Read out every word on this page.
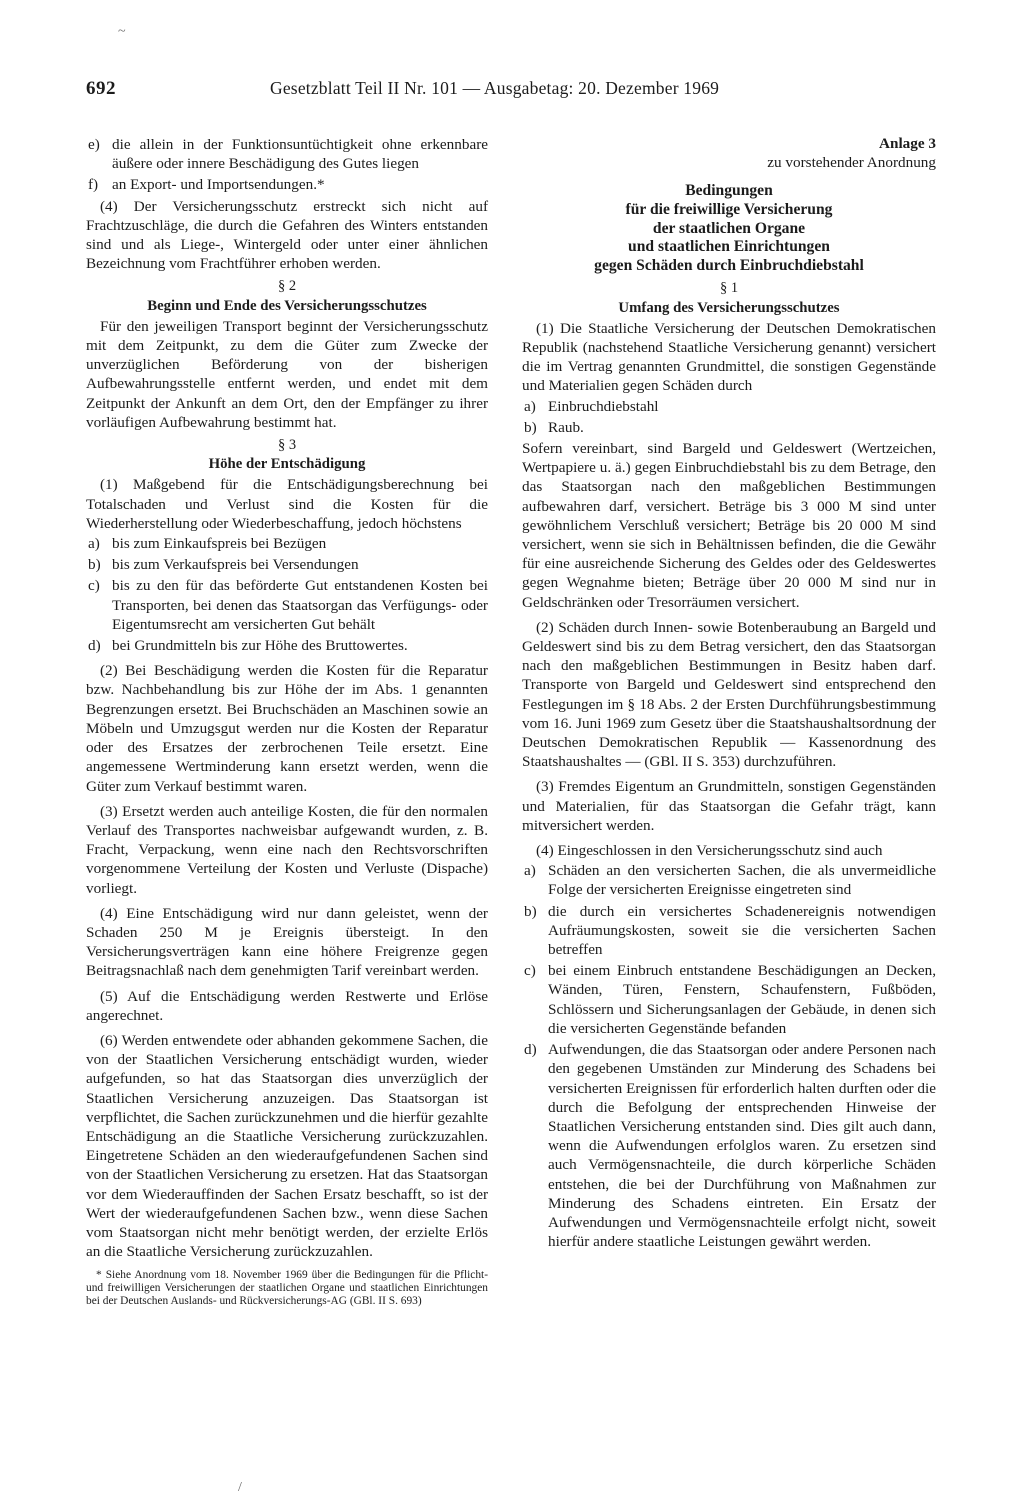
~
/
692	Gesetzblatt Teil II Nr. 101 — Ausgabetag: 20. Dezember 1969

e) die allein in der Funktionsuntüchtigkeit ohne erkennbare äußere oder innere Beschädigung des Gutes liegen

f) an Export- und Importsendungen.*

(4) Der Versicherungsschutz erstreckt sich nicht auf Frachtzuschläge, die durch die Gefahren des Winters entstanden sind und als Liege-, Wintergeld oder unter einer ähnlichen Bezeichnung vom Frachtführer erhoben werden.

§ 2

Beginn und Ende des Versicherungsschutzes

Für den jeweiligen Transport beginnt der Versicherungsschutz mit dem Zeitpunkt, zu dem die Güter zum Zwecke der unverzüglichen Beförderung von der bisherigen Aufbewahrungsstelle entfernt werden, und endet mit dem Zeitpunkt der Ankunft an dem Ort, den der Empfänger zu ihrer vorläufigen Aufbewahrung bestimmt hat.

§ 3

Höhe der Entschädigung

(1) Maßgebend für die Entschädigungsberechnung bei Totalschaden und Verlust sind die Kosten für die Wiederherstellung oder Wiederbeschaffung, jedoch höchstens

a) bis zum Einkaufspreis bei Bezügen

b) bis zum Verkaufspreis bei Versendungen

c) bis zu den für das beförderte Gut entstandenen Kosten bei Transporten, bei denen das Staatsorgan das Verfügungs- oder Eigentumsrecht am versicherten Gut behält

d) bei Grundmitteln bis zur Höhe des Bruttowertes.

(2) Bei Beschädigung werden die Kosten für die Reparatur bzw. Nachbehandlung bis zur Höhe der im Abs. 1 genannten Begrenzungen ersetzt. Bei Bruchschäden an Maschinen sowie an Möbeln und Umzugsgut werden nur die Kosten der Reparatur oder des Ersatzes der zerbrochenen Teile ersetzt. Eine angemessene Wertminderung kann ersetzt werden, wenn die Güter zum Verkauf bestimmt waren.

(3) Ersetzt werden auch anteilige Kosten, die für den normalen Verlauf des Transportes nachweisbar aufgewandt wurden, z. B. Fracht, Verpackung, wenn eine nach den Rechtsvorschriften vorgenommene Verteilung der Kosten und Verluste (Dispache) vorliegt.

(4) Eine Entschädigung wird nur dann geleistet, wenn der Schaden 250 M je Ereignis übersteigt. In den Versicherungsverträgen kann eine höhere Freigrenze gegen Beitragsnachlaß nach dem genehmigten Tarif vereinbart werden.

(5) Auf die Entschädigung werden Restwerte und Erlöse angerechnet.

(6) Werden entwendete oder abhanden gekommene Sachen, die von der Staatlichen Versicherung entschädigt wurden, wieder aufgefunden, so hat das Staatsorgan dies unverzüglich der Staatlichen Versicherung anzuzeigen. Das Staatsorgan ist verpflichtet, die Sachen zurückzunehmen und die hierfür gezahlte Entschädigung an die Staatliche Versicherung zurückzuzahlen. Eingetretene Schäden an den wiederaufgefundenen Sachen sind von der Staatlichen Versicherung zu ersetzen. Hat das Staatsorgan vor dem Wiederauffinden der Sachen Ersatz beschafft, so ist der Wert der wiederaufgefundenen Sachen bzw., wenn diese Sachen vom Staatsorgan nicht mehr benötigt werden, der erzielte Erlös an die Staatliche Versicherung zurückzuzahlen.

* Siehe Anordnung vom 18. November 1969 über die Bedingungen für die Pflicht- und freiwilligen Versicherungen der staatlichen Organe und staatlichen Einrichtungen bei der Deutschen Auslands- und Rückversicherungs-AG (GBl. II S. 693)

Anlage 3

zu vorstehender Anordnung

Bedingungen
für die freiwillige Versicherung
der staatlichen Organe
und staatlichen Einrichtungen
gegen Schäden durch Einbruchdiebstahl

§ 1

Umfang des Versicherungsschutzes

(1) Die Staatliche Versicherung der Deutschen Demokratischen Republik (nachstehend Staatliche Versicherung genannt) versichert die im Vertrag genannten Grundmittel, die sonstigen Gegenstände und Materialien gegen Schäden durch

a) Einbruchdiebstahl

b) Raub.

Sofern vereinbart, sind Bargeld und Geldeswert (Wertzeichen, Wertpapiere u. ä.) gegen Einbruchdiebstahl bis zu dem Betrage, den das Staatsorgan nach den maßgeblichen Bestimmungen aufbewahren darf, versichert. Beträge bis 3 000 M sind unter gewöhnlichem Verschluß versichert; Beträge bis 20 000 M sind versichert, wenn sie sich in Behältnissen befinden, die die Gewähr für eine ausreichende Sicherung des Geldes oder des Geldeswertes gegen Wegnahme bieten; Beträge über 20 000 M sind nur in Geldschränken oder Tresorräumen versichert.

(2) Schäden durch Innen- sowie Botenberaubung an Bargeld und Geldeswert sind bis zu dem Betrag versichert, den das Staatsorgan nach den maßgeblichen Bestimmungen in Besitz haben darf. Transporte von Bargeld und Geldeswert sind entsprechend den Festlegungen im § 18 Abs. 2 der Ersten Durchführungsbestimmung vom 16. Juni 1969 zum Gesetz über die Staatshaushaltsordnung der Deutschen Demokratischen Republik — Kassenordnung des Staatshaushaltes — (GBl. II S. 353) durchzuführen.

(3) Fremdes Eigentum an Grundmitteln, sonstigen Gegenständen und Materialien, für das Staatsorgan die Gefahr trägt, kann mitversichert werden.

(4) Eingeschlossen in den Versicherungsschutz sind auch

a) Schäden an den versicherten Sachen, die als unvermeidliche Folge der versicherten Ereignisse eingetreten sind

b) die durch ein versichertes Schadenereignis notwendigen Aufräumungskosten, soweit sie die versicherten Sachen betreffen

c) bei einem Einbruch entstandene Beschädigungen an Decken, Wänden, Türen, Fenstern, Schaufenstern, Fußböden, Schlössern und Sicherungsanlagen der Gebäude, in denen sich die versicherten Gegenstände befanden

d) Aufwendungen, die das Staatsorgan oder andere Personen nach den gegebenen Umständen zur Minderung des Schadens bei versicherten Ereignissen für erforderlich halten durften oder die durch die Befolgung der entsprechenden Hinweise der Staatlichen Versicherung entstanden sind. Dies gilt auch dann, wenn die Aufwendungen erfolglos waren. Zu ersetzen sind auch Vermögensnachteile, die durch körperliche Schäden entstehen, die bei der Durchführung von Maßnahmen zur Minderung des Schadens eintreten. Ein Ersatz der Aufwendungen und Vermögensnachteile erfolgt nicht, soweit hierfür andere staatliche Leistungen gewährt werden.
